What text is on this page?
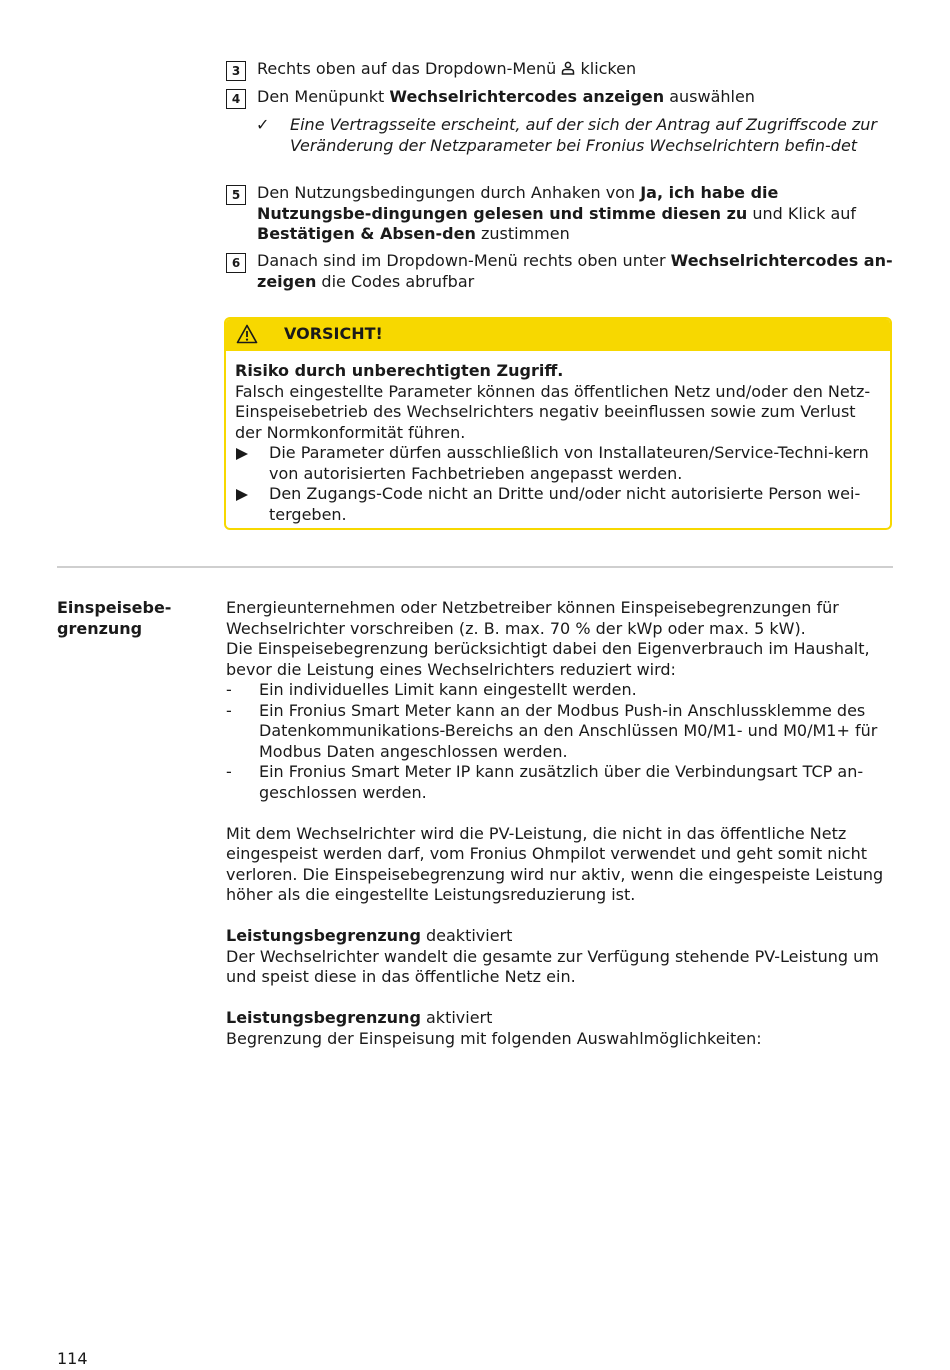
3	Rechts oben auf das Dropdown-Menü  klicken
4	Den Menüpunkt Wechselrichtercodes anzeigen auswählen
✓ Eine Vertragsseite erscheint, auf der sich der Antrag auf Zugriffscode zur Veränderung der Netzparameter bei Fronius Wechselrichtern befin-det
5	Den Nutzungsbedingungen durch Anhaken von Ja, ich habe die Nutzungsbe-dingungen gelesen und stimme diesen zu und Klick auf Bestätigen & Absen-den zustimmen
6	Danach sind im Dropdown-Menü rechts oben unter Wechselrichtercodes an-zeigen die Codes abrufbar
VORSICHT!
Risiko durch unberechtigten Zugriff.
Falsch eingestellte Parameter können das öffentlichen Netz und/oder den Netz-Einspeisebetrieb des Wechselrichters negativ beeinflussen sowie zum Verlust der Normkonformität führen.
Die Parameter dürfen ausschließlich von Installateuren/Service-Techni-kern von autorisierten Fachbetrieben angepasst werden.
Den Zugangs-Code nicht an Dritte und/oder nicht autorisierte Person wei-tergeben.
Einspeisebe-grenzung

Energieunternehmen oder Netzbetreiber können Einspeisebegrenzungen für Wechselrichter vorschreiben (z. B. max. 70 % der kWp oder max. 5 kW).

Die Einspeisebegrenzung berücksichtigt dabei den Eigenverbrauch im Haushalt, bevor die Leistung eines Wechselrichters reduziert wird:

- Ein individuelles Limit kann eingestellt werden.
- Ein Fronius Smart Meter kann an der Modbus Push-in Anschlussklemme des Datenkommunikations-Bereichs an den Anschlüssen M0/M1- und M0/M1+ für Modbus Daten angeschlossen werden.
- Ein Fronius Smart Meter IP kann zusätzlich über die Verbindungsart TCP an-geschlossen werden.

Mit dem Wechselrichter wird die PV-Leistung, die nicht in das öffentliche Netz eingespeist werden darf, vom Fronius Ohmpilot verwendet und geht somit nicht verloren. Die Einspeisebegrenzung wird nur aktiv, wenn die eingespeiste Leistung höher als die eingestellte Leistungsreduzierung ist.

Leistungsbegrenzung deaktiviert

Der Wechselrichter wandelt die gesamte zur Verfügung stehende PV-Leistung um und speist diese in das öffentliche Netz ein.

Leistungsbegrenzung aktiviert

Begrenzung der Einspeisung mit folgenden Auswahlmöglichkeiten:

114
